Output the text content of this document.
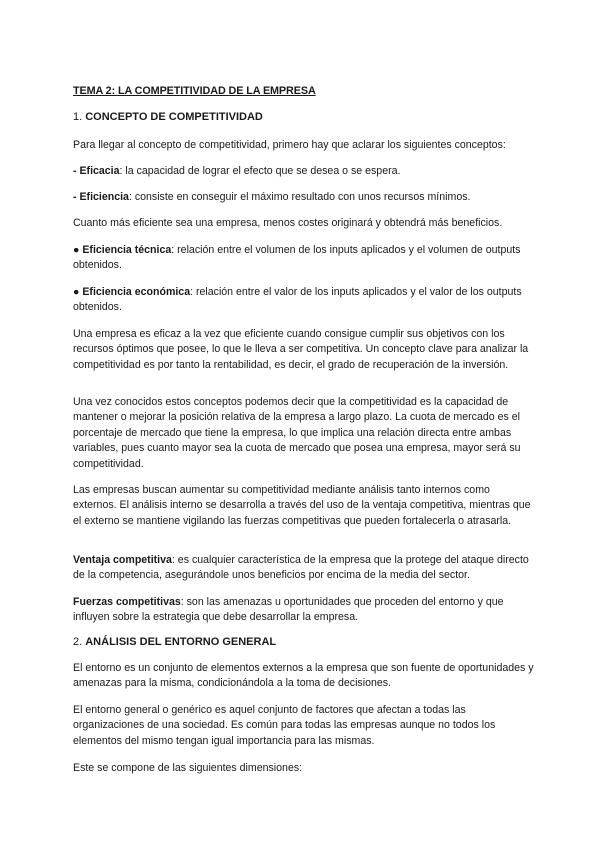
TEMA 2: LA COMPETITIVIDAD DE LA EMPRESA

1. CONCEPTO DE COMPETITIVIDAD

Para llegar al concepto de competitividad, primero hay que aclarar los siguientes conceptos:

- Eficacia: la capacidad de lograr el efecto que se desea o se espera.

- Eficiencia: consiste en conseguir el máximo resultado con unos recursos mínimos.

Cuanto más eficiente sea una empresa, menos costes originará y obtendrá más beneficios.

● Eficiencia técnica: relación entre el volumen de los inputs aplicados y el volumen de outputs obtenidos.

● Eficiencia económica: relación entre el valor de los inputs aplicados y el valor de los outputs obtenidos.

Una empresa es eficaz a la vez que eficiente cuando consigue cumplir sus objetivos con los recursos óptimos que posee, lo que le lleva a ser competitiva. Un concepto clave para analizar la competitividad es por tanto la rentabilidad, es decir, el grado de recuperación de la inversión.

Una vez conocidos estos conceptos podemos decir que la competitividad es la capacidad de mantener o mejorar la posición relativa de la empresa a largo plazo. La cuota de mercado es el porcentaje de mercado que tiene la empresa, lo que implica una relación directa entre ambas variables, pues cuanto mayor sea la cuota de mercado que posea una empresa, mayor será su competitividad.

Las empresas buscan aumentar su competitividad mediante análisis tanto internos como externos. El análisis interno se desarrolla a través del uso de la ventaja competitiva, mientras que el externo se mantiene vigilando las fuerzas competitivas que pueden fortalecerla o atrasarla.

Ventaja competitiva: es cualquier característica de la empresa que la protege del ataque directo de la competencia, asegurándole unos beneficios por encima de la media del sector.

Fuerzas competitivas: son las amenazas u oportunidades que proceden del entorno y que influyen sobre la estrategia que debe desarrollar la empresa.

2. ANÁLISIS DEL ENTORNO GENERAL

El entorno es un conjunto de elementos externos a la empresa que son fuente de oportunidades y amenazas para la misma, condicionándola a la toma de decisiones.

El entorno general o genérico es aquel conjunto de factores que afectan a todas las organizaciones de una sociedad. Es común para todas las empresas aunque no todos los elementos del mismo tengan igual importancia para las mismas.

Este se compone de las siguientes dimensiones:
